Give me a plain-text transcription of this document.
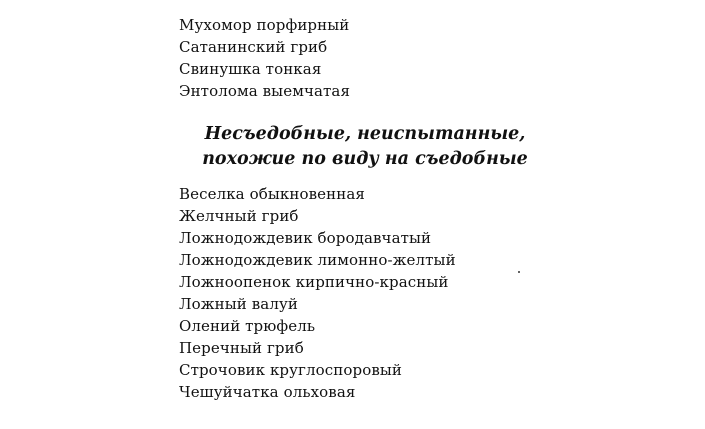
Мухомор порфирный
Сатанинский гриб
Свинушка тонкая
Энтолома выемчатая
Несъедобные, неиспытанные,
похожие по виду на съедобные
Веселка обыкновенная
Желчный гриб
Ложнодождевик бородавчатый
Ложнодождевик лимонно-желтый
Ложноопенок кирпично-красный
Ложный валуй
Олений трюфель
Перечный гриб
Строчовик круглоспоровый
Чешуйчатка ольховая
